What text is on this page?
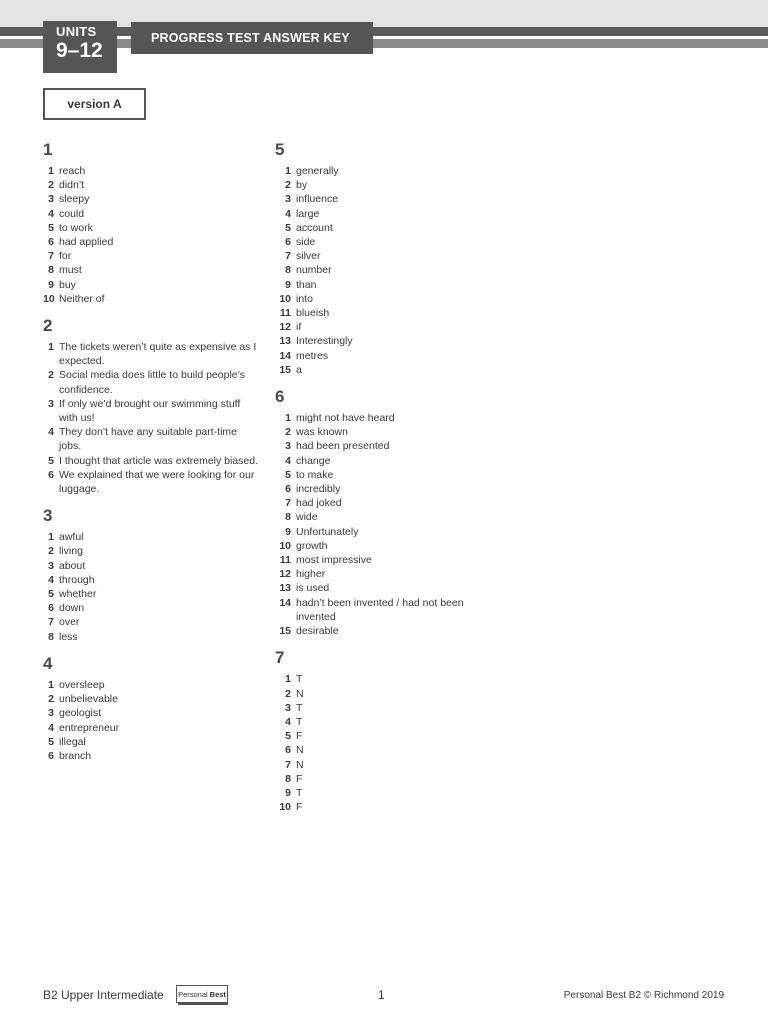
UNITS
9–12
PROGRESS TEST ANSWER KEY
version A
1
1 reach
2 didn’t
3 sleepy
4 could
5 to work
6 had applied
7 for
8 must
9 buy
10 Neither of
2
1 The tickets weren’t quite as expensive as I expected.
2 Social media does little to build people’s confidence.
3 If only we’d brought our swimming stuff with us!
4 They don’t have any suitable part-time jobs.
5 I thought that article was extremely biased.
6 We explained that we were looking for our luggage.
3
1 awful
2 living
3 about
4 through
5 whether
6 down
7 over
8 less
4
1 oversleep
2 unbelievable
3 geologist
4 entrepreneur
5 illegal
6 branch
5
1 generally
2 by
3 influence
4 large
5 account
6 side
7 silver
8 number
9 than
10 into
11 blueish
12 if
13 Interestingly
14 metres
15 a
6
1 might not have heard
2 was known
3 had been presented
4 change
5 to make
6 incredibly
7 had joked
8 wide
9 Unfortunately
10 growth
11 most impressive
12 higher
13 is used
14 hadn’t been invented / had not been invented
15 desirable
7
1 T
2 N
3 T
4 T
5 F
6 N
7 N
8 F
9 T
10 F
B2 Upper Intermediate Personal Best	1	Personal Best B2 © Richmond 2019
